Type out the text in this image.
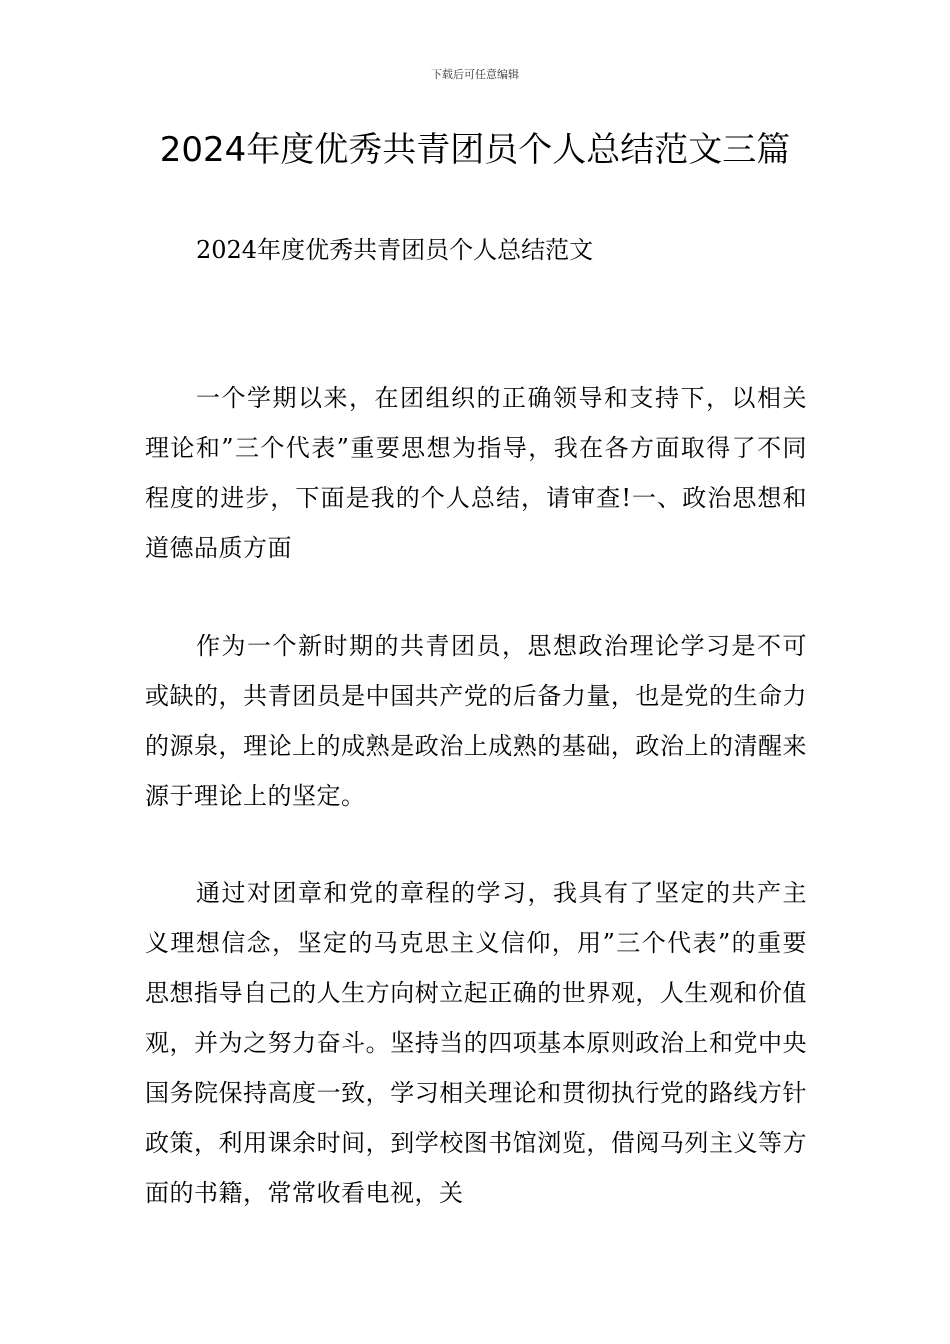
下载后可任意编辑
2024年度优秀共青团员个人总结范文三篇

2024年度优秀共青团员个人总结范文

一个学期以来，在团组织的正确领导和支持下，以相关理论和”三个代表”重要思想为指导，我在各方面取得了不同程度的进步，下面是我的个人总结，请审查!一、政治思想和道德品质方面

作为一个新时期的共青团员，思想政治理论学习是不可或缺的，共青团员是中国共产党的后备力量，也是党的生命力的源泉，理论上的成熟是政治上成熟的基础，政治上的清醒来源于理论上的坚定。

通过对团章和党的章程的学习，我具有了坚定的共产主义理想信念，坚定的马克思主义信仰，用”三个代表”的重要思想指导自己的人生方向树立起正确的世界观，人生观和价值观，并为之努力奋斗。坚持当的四项基本原则政治上和党中央国务院保持高度一致，学习相关理论和贯彻执行党的路线方针政策，利用课余时间，到学校图书馆浏览，借阅马列主义等方面的书籍，常常收看电视，关
